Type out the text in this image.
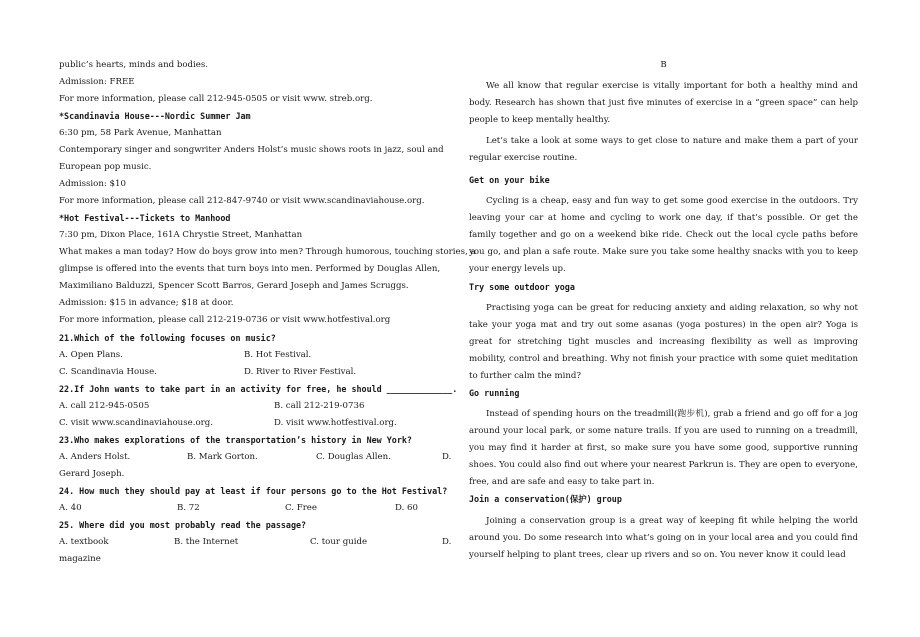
public’s hearts, minds and bodies.
Admission: FREE
For more information, please call 212-945-0505 or visit www. streb.org.
*Scandinavia House---Nordic Summer Jam
6:30 pm, 58 Park Avenue, Manhattan
Contemporary singer and songwriter Anders Holst’s music shows roots in jazz, soul and
European pop music.
Admission: $10
For more information, please call 212-847-9740 or visit www.scandinaviahouse.org.
*Hot Festival---Tickets to Manhood
7:30 pm, Dixon Place, 161A Chrystie Street, Manhattan
What makes a man today? How do boys grow into men? Through humorous, touching stories, a
glimpse is offered into the events that turn boys into men. Performed by Douglas Allen,
Maximiliano Balduzzi, Spencer Scott Barros, Gerard Joseph and James Scruggs.
Admission: $15 in advance; $18 at door.
For more information, please call 212-219-0736 or visit www.hotfestival.org
21.Which of the following focuses on music?
A. Open Plans.	B. Hot Festival.
C. Scandinavia House.	D. River to River Festival.
22.If John wants to take part in an activity for free, he should _____________.
A. call 212-945-0505	B. call 212-219-0736
C. visit www.scandinaviahouse.org.	D. visit www.hotfestival.org.
23.Who makes explorations of the transportation’s history in New York?
A. Anders Holst.	B. Mark Gorton.	C. Douglas Allen.	D.
Gerard Joseph.
24. How much they should pay at least if four persons go to the Hot Festival?
A. 40	B. 72	C. Free	D. 60
25. Where did you most probably read the passage?
A. textbook	B. the Internet	C. tour guide	D.
magazine
B
We all know that regular exercise is vitally important for both a healthy mind and body. Research has shown that just five minutes of exercise in a “green space” can help people to keep mentally healthy.
Let’s take a look at some ways to get close to nature and make them a part of your regular exercise routine.
Get on your bike
Cycling is a cheap, easy and fun way to get some good exercise in the outdoors. Try leaving your car at home and cycling to work one day, if that’s possible. Or get the family together and go on a weekend bike ride. Check out the local cycle paths before you go, and plan a safe route. Make sure you take some healthy snacks with you to keep your energy levels up.
Try some outdoor yoga
Practising yoga can be great for reducing anxiety and aiding relaxation, so why not take your yoga mat and try out some asanas (yoga postures) in the open air? Yoga is great for stretching tight muscles and increasing flexibility as well as improving mobility, control and breathing. Why not finish your practice with some quiet meditation to further calm the mind?
Go running
Instead of spending hours on the treadmill(跑步机), grab a friend and go off for a jog around your local park, or some nature trails. If you are used to running on a treadmill, you may find it harder at first, so make sure you have some good, supportive running shoes. You could also find out where your nearest Parkrun is. They are open to everyone, free, and are safe and easy to take part in.
Join a conservation(保护) group
Joining a conservation group is a great way of keeping fit while helping the world around you. Do some research into what’s going on in your local area and you could find yourself helping to plant trees, clear up rivers and so on. You never know it could lead
